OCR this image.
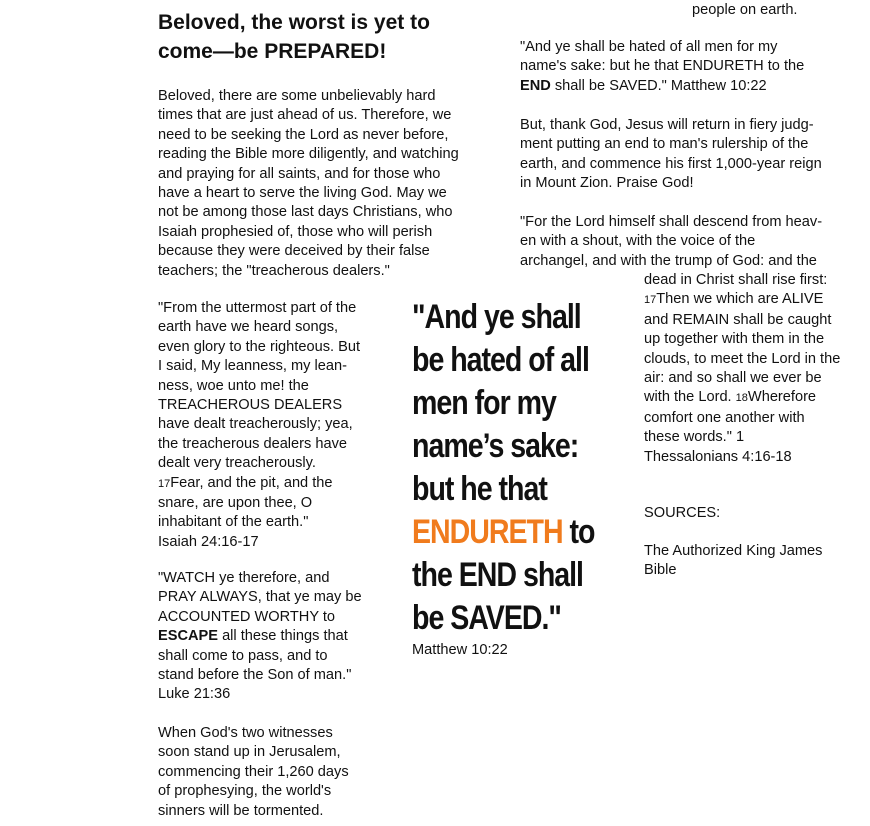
Beloved, the worst is yet to
come—be PREPARED!
Beloved, there are some unbelievably hard
times that are just ahead of us. Therefore, we
need to be seeking the Lord as never before,
reading the Bible more diligently, and watching
and praying for all saints, and for those who
have a heart to serve the living God. May we
not be among those last days Christians, who
Isaiah prophesied of, those who will perish
because they were deceived by their false
teachers; the "treacherous dealers."
"From the uttermost part of the
earth have we heard songs,
even glory to the righteous. But
I said, My leanness, my lean-
ness, woe unto me! the
TREACHEROUS DEALERS
have dealt treacherously; yea,
the treacherous dealers have
dealt very treacherously.
17Fear, and the pit, and the
snare, are upon thee, O
inhabitant of the earth."
Isaiah 24:16-17
"WATCH ye therefore, and
PRAY ALWAYS, that ye may be
ACCOUNTED WORTHY to
ESCAPE all these things that
shall come to pass, and to
stand before the Son of man."
Luke 21:36
When God's two witnesses
soon stand up in Jerusalem,
commencing their 1,260 days
of prophesying, the world's
sinners will be tormented.
"And ye shall
be hated of all
men for my
name’s sake:
but he that
ENDURETH to
the END shall
be SAVED."
Matthew 10:22
people on earth.
"And ye shall be hated of all men for my
name's sake: but he that ENDURETH to the
END shall be SAVED." Matthew 10:22
But, thank God, Jesus will return in fiery judg-
ment putting an end to man's rulership of the
earth, and commence his first 1,000-year reign
in Mount Zion. Praise God!
"For the Lord himself shall descend from heav-
en with a shout, with the voice of the
archangel, and with the trump of God: and the
dead in Christ shall rise first:
17Then we which are ALIVE
and REMAIN shall be caught
up together with them in the
clouds, to meet the Lord in the
air: and so shall we ever be
with the Lord. 18Wherefore
comfort one another with
these words." 1
Thessalonians 4:16-18
SOURCES:
The Authorized King James
Bible
